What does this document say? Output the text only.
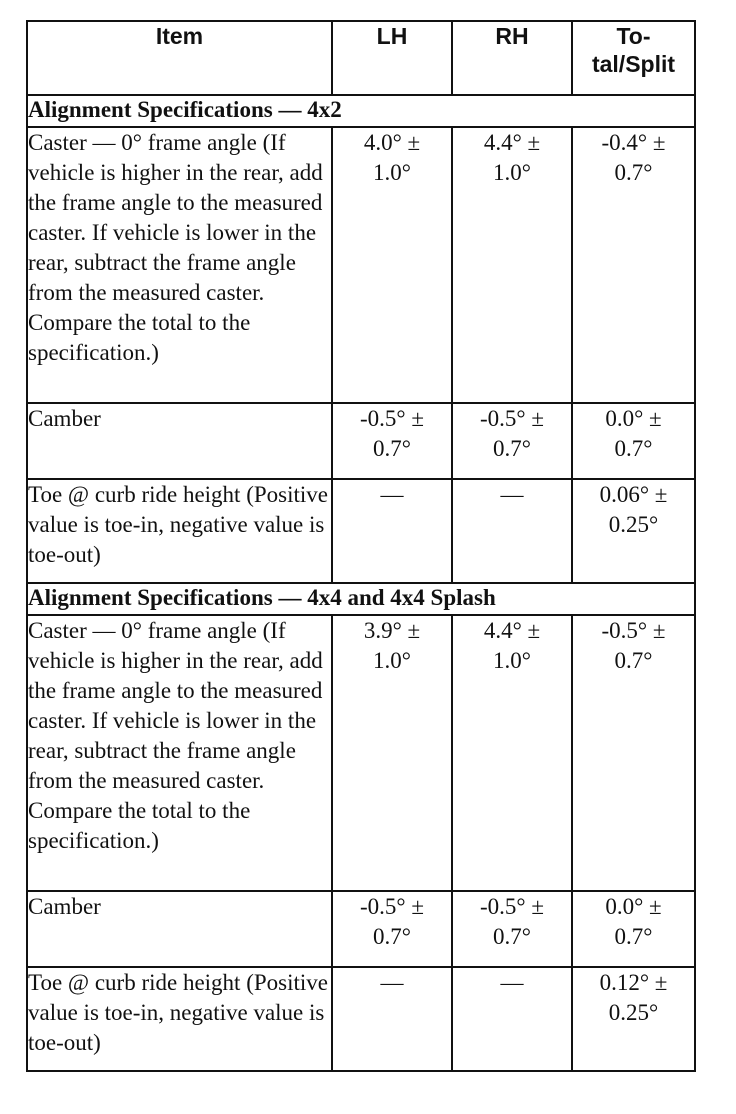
Item	LH	RH	To-
tal/Split

Alignment Specifications — 4x2			
Caster — 0° frame angle (If vehicle is higher in the rear, add the frame angle to the measured caster. If vehicle is lower in the rear, subtract the frame angle from the measured caster. Compare the total to the specification.)	4.0° ±
1.0°	4.4° ±
1.0°	-0.4° ±
0.7°

Camber	-0.5° ±
0.7°	-0.5° ±
0.7°	0.0° ±
0.7°

Toe @ curb ride height (Positive value is toe-in, negative value is toe-out)	—	—	0.06° ±
0.25°

Alignment Specifications — 4x4 and 4x4 Splash			
Caster — 0° frame angle (If vehicle is higher in the rear, add the frame angle to the measured caster. If vehicle is lower in the rear, subtract the frame angle from the measured caster. Compare the total to the specification.)	3.9° ±
1.0°	4.4° ±
1.0°	-0.5° ±
0.7°

Camber	-0.5° ±
0.7°	-0.5° ±
0.7°	0.0° ±
0.7°

Toe @ curb ride height (Positive value is toe-in, negative value is toe-out)	—	—	0.12° ±
0.25°
